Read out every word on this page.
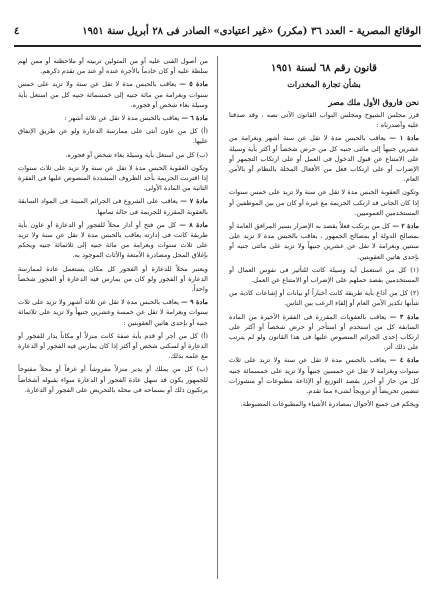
الوقائع المصرية - العدد ٣٦ (مكرر) «غير اعتيادى» الصادر فى ٢٨ أبريل سنة ١٩٥١
٤
قانون رقم ٦٨ لسنة ١٩٥١
بشأن تجارة المخدرات
نحن فاروق الأول ملك مصر

قرر مجلس الشيوخ ومجلس النواب القانون الآتى نصه ، وقد صدقنا عليه وأصدرناه :

مادة ١ — يعاقب بالحبس مدة لا تقل عن ستة أشهر وبغرامة من عشرين جنيهاً إلى مائتى جنيه كل من حرض شخصاً أو أكثر بأية وسيلة على الامتناع عن قبول الدخول فى العمل أو على ارتكاب التجمهر أو الإضراب أو على ارتكاب فعل من الأفعال المخلة بالنظام أو بالأمن العام.

وتكون العقوبة الحبس مدة لا تقل عن سنة ولا تزيد على خمس سنوات إذا كان الجانى قد ارتكب الجريمة مع غيره أو كان من بين الموظفين أو المستخدمين العموميين.

مادة ٢ — كل من يرتكب فعلاً يقصد به الإضرار بسير المرافق العامة أو بمصالح الدولة أو بمصالح الجمهور ، يعاقب بالحبس مدة لا تزيد على سنتين وبغرامة لا تقل عن عشرين جنيهاً ولا تزيد على مائتى جنيه أو بإحدى هاتين العقوبتين.

(١) كل من استعمل أية وسيلة كانت للتأثير فى نفوس العمال أو المستخدمين بقصد حملهم على الإضراب أو الامتناع عن العمل.

(٢) كل من أذاع بأية طريقة كانت أخباراً أو بيانات أو إشاعات كاذبة من شأنها تكدير الأمن العام أو إلقاء الرعب بين الناس.

مادة ٣ — يعاقب بالعقوبات المقررة فى الفقرة الأخيرة من المادة السابقة كل من استخدم أو استأجر أو حرض شخصاً أو أكثر على ارتكاب إحدى الجرائم المنصوص عليها فى هذا القانون ولو لم يترتب على ذلك أثر.

مادة ٤ — يعاقب بالحبس مدة لا تقل عن سنة ولا تزيد على ثلاث سنوات وبغرامة لا تقل عن خمسين جنيهاً ولا تزيد على خمسمائة جنيه كل من حاز أو أحرز بقصد التوزيع أو الإذاعة مطبوعات أو منشورات تتضمن تحريضاً أو ترويجاً لشىء مما تقدم.

ويحكم فى جميع الأحوال بمصادرة الأشياء والمطبوعات المضبوطة.

من أصول الفنى عليه أو من المتولين تربيته أو ملاحظته أو ممن لهم سلطة عليه أو كان خادماً بالأجرة عنده أو عند من تقدم ذكرهم.

مادة ٥ — يعاقب بالحبس مدة لا تقل عن سنة ولا تزيد على خمس سنوات وبغرامة من مائة جنيه إلى خمسمائة جنيه كل من استغل بأية وسيلة بغاء شخص أو فجوره.

مادة ٦ — يعاقب بالحبس مدة لا تقل عن ثلاثة أشهر :

(أ) كل من عاون أنثى على ممارسة الدعارة ولو عن طريق الإنفاق عليها.

(ب) كل من استغل بأية وسيلة بغاء شخص أو فجوره.

وتكون العقوبة الحبس مدة لا تقل عن سنة ولا تزيد على ثلاث سنوات إذا اقترنت الجريمة بأحد الظروف المشددة المنصوص عليها فى الفقرة الثانية من المادة الأولى.

مادة ٧ — يعاقب على الشروع فى الجرائم المبينة فى المواد السابقة بالعقوبة المقررة للجريمة فى حالة تمامها.

مادة ٨ — كل من فتح أو أدار محلاً للفجور أو الدعارة أو عاون بأية طريقة كانت فى إدارته يعاقب بالحبس مدة لا تقل عن سنة ولا تزيد على ثلاث سنوات وبغرامة من مائة جنيه إلى ثلاثمائة جنيه ويحكم بإغلاق المحل ومصادرة الأمتعة والأثاث الموجود به.

ويعتبر محلاً للدعارة أو الفجور كل مكان يستعمل عادة لممارسة الدعارة أو الفجور ولو كان من يمارس فيه الدعارة أو الفجور شخصاً واحداً.

مادة ٩ — يعاقب بالحبس مدة لا تقل عن ثلاثة أشهر ولا تزيد على ثلاث سنوات وبغرامة لا تقل عن خمسة وعشرين جنيهاً ولا تزيد على ثلاثمائة جنيه أو بإحدى هاتين العقوبتين :

(أ) كل من أجر أو قدم بأية صفة كانت منزلاً أو مكاناً يدار للفجور أو الدعارة أو لسكنى شخص أو أكثر إذا كان يمارس فيه الفجور أو الدعارة مع علمه بذلك.

(ب) كل من يملك أو يدير منزلاً مفروشاً أو غرفاً أو محلاً مفتوحاً للجمهور يكون قد سهل عادة الفجور أو الدعارة سواء بقبوله أشخاصاً يرتكبون ذلك أو بسماحه فى محله بالتحريض على الفجور أو الدعارة.
